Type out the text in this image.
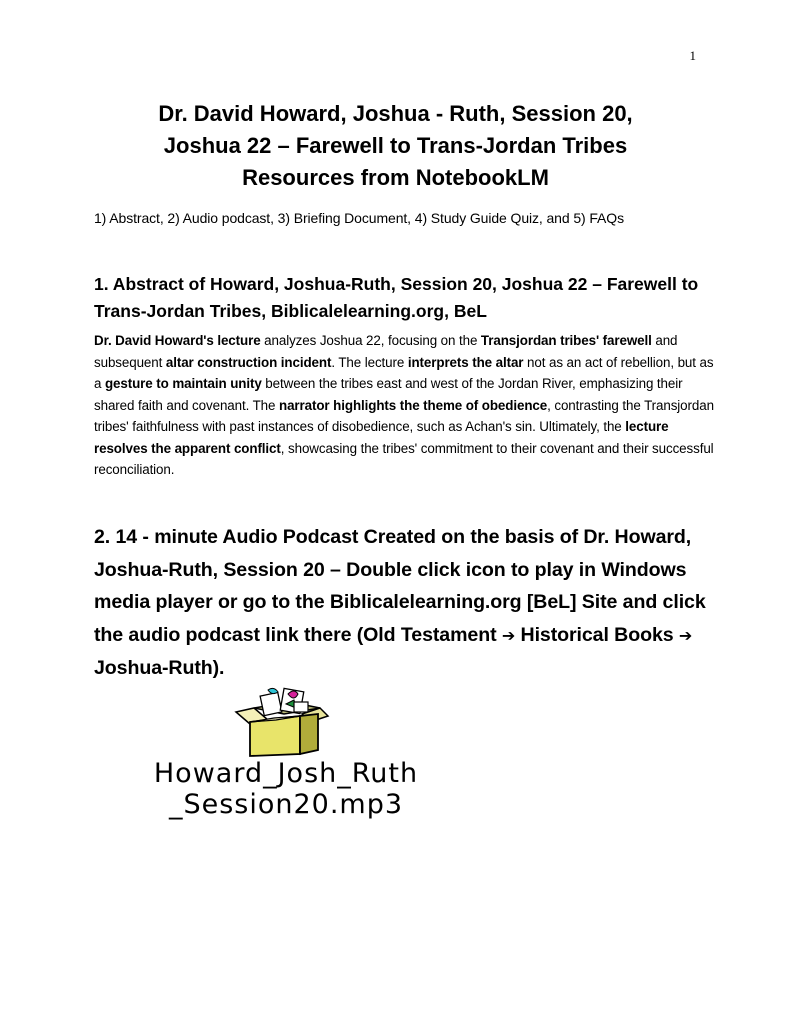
1
Dr. David Howard, Joshua - Ruth, Session 20,
Joshua 22 – Farewell to Trans-Jordan Tribes
Resources from NotebookLM
1) Abstract, 2) Audio podcast, 3) Briefing Document, 4) Study Guide Quiz, and 5) FAQs
1. Abstract of Howard, Joshua-Ruth, Session 20, Joshua 22 – Farewell to Trans-Jordan Tribes, Biblicalelearning.org, BeL
Dr. David Howard's lecture analyzes Joshua 22, focusing on the Transjordan tribes' farewell and subsequent altar construction incident. The lecture interprets the altar not as an act of rebellion, but as a gesture to maintain unity between the tribes east and west of the Jordan River, emphasizing their shared faith and covenant. The narrator highlights the theme of obedience, contrasting the Transjordan tribes' faithfulness with past instances of disobedience, such as Achan's sin. Ultimately, the lecture resolves the apparent conflict, showcasing the tribes' commitment to their covenant and their successful reconciliation.
2. 14 - minute Audio Podcast Created on the basis of Dr. Howard, Joshua-Ruth, Session 20 – Double click icon to play in Windows media player or go to the Biblicalelearning.org [BeL] Site and click the audio podcast link there (Old Testament ➔ Historical Books ➔ Joshua-Ruth).
Howard_Josh_Ruth
_Session20.mp3
